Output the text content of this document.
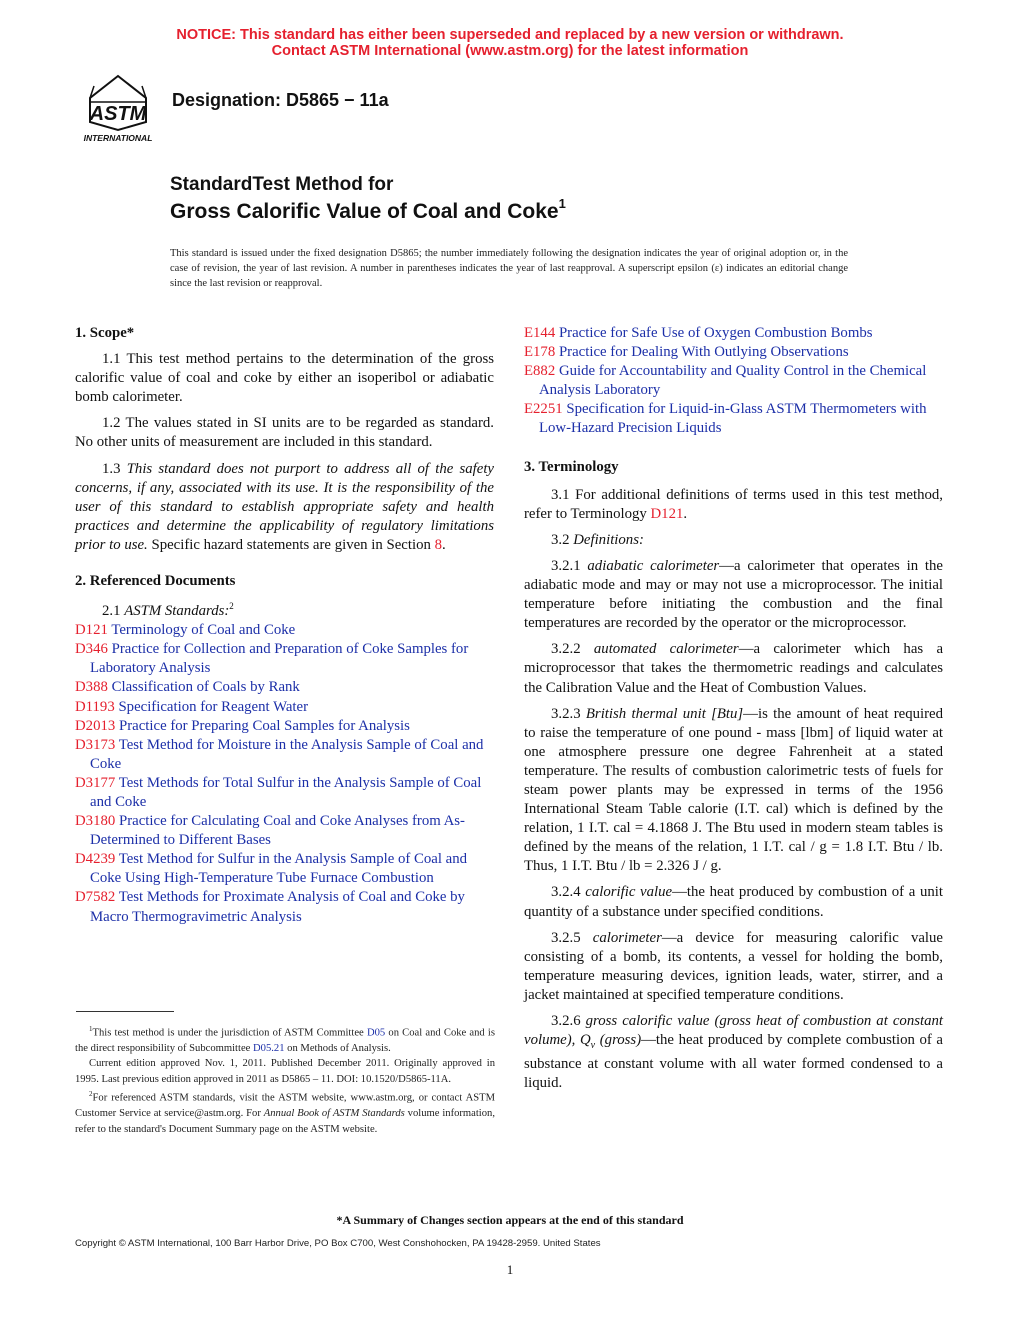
NOTICE: This standard has either been superseded and replaced by a new version or withdrawn.
Contact ASTM International (www.astm.org) for the latest information
ASTM
INTERNATIONAL
Designation: D5865 − 11a
StandardTest Method for
Gross Calorific Value of Coal and Coke$^1$
This standard is issued under the fixed designation D5865; the number immediately following the designation indicates the year of original adoption or, in the case of revision, the year of last revision. A number in parentheses indicates the year of last reapproval. A superscript epsilon (ε) indicates an editorial change since the last revision or reapproval.

1. Scope*

1.1 This test method pertains to the determination of the gross calorific value of coal and coke by either an isoperibol or adiabatic bomb calorimeter.

1.2 The values stated in SI units are to be regarded as standard. No other units of measurement are included in this standard.

1.3 This standard does not purport to address all of the safety concerns, if any, associated with its use. It is the responsibility of the user of this standard to establish appropriate safety and health practices and determine the applicability of regulatory limitations prior to use. Specific hazard statements are given in Section 8.

2. Referenced Documents

2.1 ASTM Standards:$^2$

D121 Terminology of Coal and Coke

D346 Practice for Collection and Preparation of Coke Samples for Laboratory Analysis

D388 Classification of Coals by Rank

D1193 Specification for Reagent Water

D2013 Practice for Preparing Coal Samples for Analysis

D3173 Test Method for Moisture in the Analysis Sample of Coal and Coke

D3177 Test Methods for Total Sulfur in the Analysis Sample of Coal and Coke

D3180 Practice for Calculating Coal and Coke Analyses from As-Determined to Different Bases

D4239 Test Method for Sulfur in the Analysis Sample of Coal and Coke Using High-Temperature Tube Furnace Combustion

D7582 Test Methods for Proximate Analysis of Coal and Coke by Macro Thermogravimetric Analysis

$^1$This test method is under the jurisdiction of ASTM Committee D05 on Coal and Coke and is the direct responsibility of Subcommittee D05.21 on Methods of Analysis.

Current edition approved Nov. 1, 2011. Published December 2011. Originally approved in 1995. Last previous edition approved in 2011 as D5865 – 11. DOI: 10.1520/D5865-11A.

$^2$For referenced ASTM standards, visit the ASTM website, www.astm.org, or contact ASTM Customer Service at service@astm.org. For Annual Book of ASTM Standards volume information, refer to the standard's Document Summary page on the ASTM website.

E144 Practice for Safe Use of Oxygen Combustion Bombs

E178 Practice for Dealing With Outlying Observations

E882 Guide for Accountability and Quality Control in the Chemical Analysis Laboratory

E2251 Specification for Liquid-in-Glass ASTM Thermometers with Low-Hazard Precision Liquids

3. Terminology

3.1 For additional definitions of terms used in this test method, refer to Terminology D121.

3.2 Definitions:

3.2.1 adiabatic calorimeter—a calorimeter that operates in the adiabatic mode and may or may not use a microprocessor. The initial temperature before initiating the combustion and the final temperatures are recorded by the operator or the microprocessor.

3.2.2 automated calorimeter—a calorimeter which has a microprocessor that takes the thermometric readings and calculates the Calibration Value and the Heat of Combustion Values.

3.2.3 British thermal unit [Btu]—is the amount of heat required to raise the temperature of one pound - mass [lbm] of liquid water at one atmosphere pressure one degree Fahrenheit at a stated temperature. The results of combustion calorimetric tests of fuels for steam power plants may be expressed in terms of the 1956 International Steam Table calorie (I.T. cal) which is defined by the relation, 1 I.T. cal = 4.1868 J. The Btu used in modern steam tables is defined by the means of the relation, 1 I.T. cal / g = 1.8 I.T. Btu / lb. Thus, 1 I.T. Btu / lb = 2.326 J / g.

3.2.4 calorific value—the heat produced by combustion of a unit quantity of a substance under specified conditions.

3.2.5 calorimeter—a device for measuring calorific value consisting of a bomb, its contents, a vessel for holding the bomb, temperature measuring devices, ignition leads, water, stirrer, and a jacket maintained at specified temperature conditions.

3.2.6 gross calorific value (gross heat of combustion at constant volume), $Q_v$ (gross)—the heat produced by complete combustion of a substance at constant volume with all water formed condensed to a liquid.

*A Summary of Changes section appears at the end of this standard
Copyright © ASTM International, 100 Barr Harbor Drive, PO Box C700, West Conshohocken, PA 19428-2959. United States
1
